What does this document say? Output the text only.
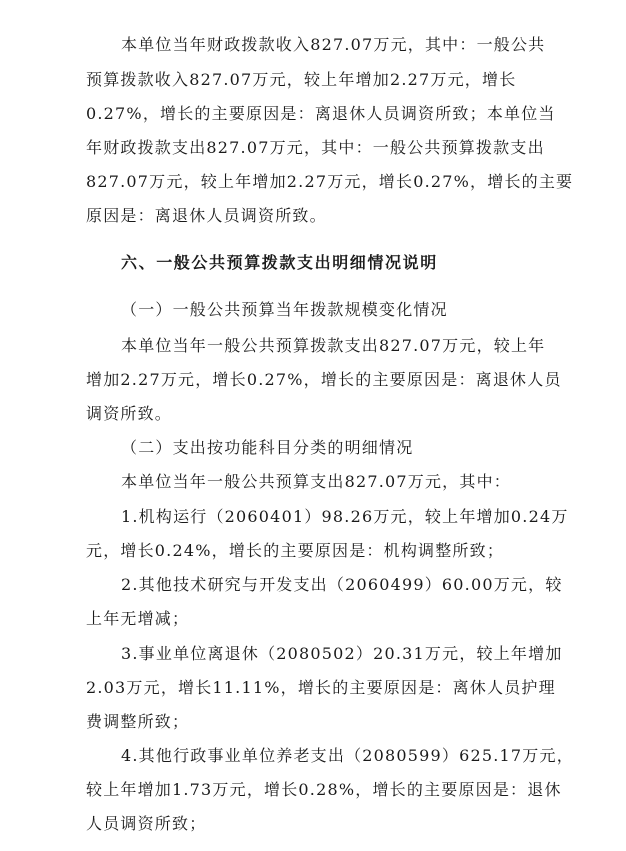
本单位当年财政拨款收入827.07万元，其中：一般公共
预算拨款收入827.07万元，较上年增加2.27万元，增长
0.27%，增长的主要原因是：离退休人员调资所致；本单位当
年财政拨款支出827.07万元，其中：一般公共预算拨款支出
827.07万元，较上年增加2.27万元，增长0.27%，增长的主要
原因是：离退休人员调资所致。
六、一般公共预算拨款支出明细情况说明
（一）一般公共预算当年拨款规模变化情况
本单位当年一般公共预算拨款支出827.07万元，较上年
增加2.27万元，增长0.27%，增长的主要原因是：离退休人员
调资所致。
（二）支出按功能科目分类的明细情况
本单位当年一般公共预算支出827.07万元，其中：
1.机构运行（2060401）98.26万元，较上年增加0.24万
元，增长0.24%，增长的主要原因是：机构调整所致；
2.其他技术研究与开发支出（2060499）60.00万元，较
上年无增减；
3.事业单位离退休（2080502）20.31万元，较上年增加
2.03万元，增长11.11%，增长的主要原因是：离休人员护理
费调整所致；
4.其他行政事业单位养老支出（2080599）625.17万元，
较上年增加1.73万元，增长0.28%，增长的主要原因是：退休
人员调资所致；
